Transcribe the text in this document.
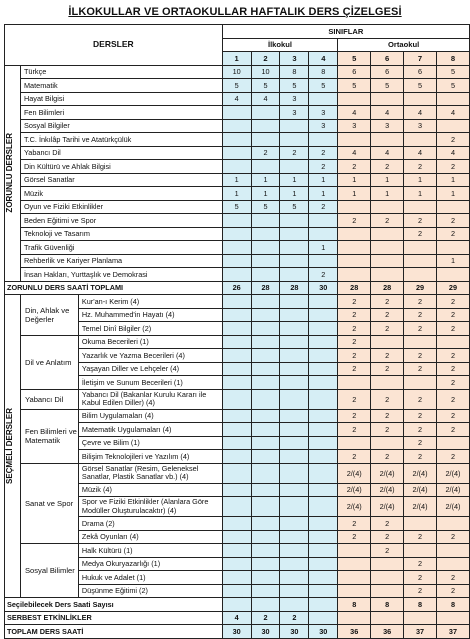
İLKOKULLAR VE ORTAOKULLAR HAFTALIK DERS ÇİZELGESİ
DERSLER			SINIFLAR							
			İlkokul				Ortaokul			
			1	2	3	4	5	6	7	8

ZORUNLU DERSLER	Türkçe		10	10	8	8	6	6	6	5
	Matematik		5	5	5	5	5	5	5	5
	Hayat Bilgisi		4	4	3					
	Fen Bilimleri				3	3	4	4	4	4
	Sosyal Bilgiler					3	3	3	3	
	T.C. İnkılâp Tarihi ve Atatürkçülük									2
	Yabancı Dil			2	2	2	4	4	4	4
	Din Kültürü ve Ahlak Bilgisi					2	2	2	2	2
	Görsel Sanatlar		1	1	1	1	1	1	1	1
	Müzik		1	1	1	1	1	1	1	1
	Oyun ve Fiziki Etkinlikler		5	5	5	2				
	Beden Eğitimi ve Spor						2	2	2	2
	Teknoloji ve Tasarım								2	2
	Trafik Güvenliği					1				
	Rehberlik ve Kariyer Planlama									1
	İnsan Hakları, Yurttaşlık ve Demokrasi					2				
ZORUNLU DERS SAATİ TOPLAMI			26	28	28	30	28	28	29	29

SEÇMELİ DERSLER	Din, Ahlak ve Değerler	Kur'an-ı Kerim (4)					2	2	2	2
		Hz. Muhammed'in Hayatı (4)					2	2	2	2
		Temel Dinî Bilgiler (2)					2	2	2	2
	Dil ve Anlatım	Okuma Becerileri (1)					2			
		Yazarlık ve Yazma Becerileri (4)					2	2	2	2
		Yaşayan Diller ve Lehçeler (4)					2	2	2	2
		İletişim ve Sunum Becerileri (1)								2
	Yabancı Dil	Yabancı Dil (Bakanlar Kurulu Kararı ile Kabul Edilen Diller) (4)					2	2	2	2
	Fen Bilimleri ve Matematik	Bilim Uygulamaları (4)					2	2	2	2
		Matematik Uygulamaları (4)					2	2	2	2
		Çevre ve Bilim (1)							2	
		Bilişim Teknolojileri ve Yazılım (4)					2	2	2	2
	Sanat ve Spor	Görsel Sanatlar (Resim, Geleneksel Sanatlar, Plastik Sanatlar vb.) (4)					2/(4)	2/(4)	2/(4)	2/(4)
		Müzik (4)					2/(4)	2/(4)	2/(4)	2/(4)
		Spor ve Fiziki Etkinlikler (Alanlara Göre Modüller Oluşturulacaktır) (4)					2/(4)	2/(4)	2/(4)	2/(4)
		Drama (2)					2	2		
		Zekâ Oyunları (4)					2	2	2	2
	Sosyal Bilimler	Halk Kültürü (1)						2		
		Medya Okuryazarlığı (1)							2	
		Hukuk ve Adalet (1)							2	2
		Düşünme Eğitimi (2)							2	2
Seçilebilecek Ders Saati Sayısı							8	8	8	8
SERBEST ETKİNLİKLER			4	2	2					
TOPLAM DERS SAATİ			30	30	30	30	36	36	37	37
